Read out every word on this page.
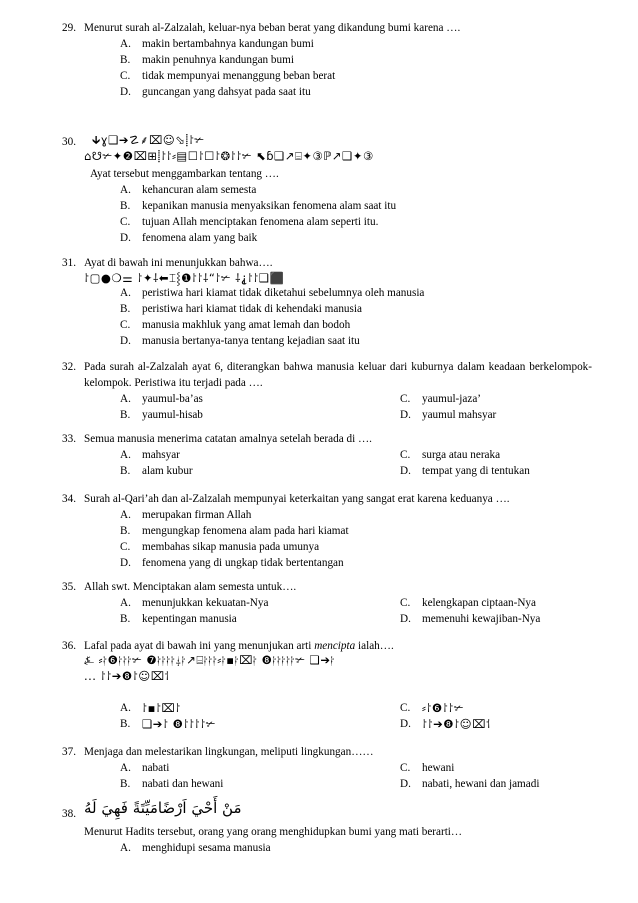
29. Menurut surah al-Zalzalah, keluar-nya beban berat yang dikandung bumi karena ….
A. makin bertambahnya kandungan bumi
B. makin penuhnya kandungan bumi
C. tidak mempunyai menanggung beban berat
D. guncangan yang dahsyat pada saat itu
30.	🡳ɣ❑➔☡⸙⌧☺⬂⸽⸷✃
⌂☋✃✦❷⌧⊞⸽⸷⸷⸗▤☐⸷☐⸷❂⸷⸷✃ ⬉ɓ❑↗⌸✦③ℙ↗❑✦③
Ayat tersebut menggambarkan tentang ….
A. kehancuran alam semesta
B. kepanikan manusia menyaksikan fenomena alam saat itu
C. tujuan Allah menciptakan fenomena alam seperti itu.
D. fenomena alam yang baik
31. Ayat di bawah ini menunjukkan bahwa….
⸷▢●❍⚌ ⸷✦⸸⬅⌶⸾❶⸷⸷⸸“⸷✃ ⸸⸘⸷⸷❑⬛
A. peristiwa hari kiamat tidak diketahui sebelumnya oleh manusia
B. peristiwa hari kiamat tidak di kehendaki manusia
C. manusia makhluk yang amat lemah dan bodoh
D. manusia bertanya-tanya tentang kejadian saat itu
32. Pada surah al-Zalzalah ayat 6, diterangkan bahwa manusia keluar dari kuburnya dalam keadaan berkelompok-kelompok. Peristiwa itu terjadi pada ….
A. yaumul-ba’as	C. yaumul-jaza’
B. yaumul-hisab	D. yaumul mahsyar
33. Semua manusia menerima catatan amalnya setelah berada di ….
A. mahsyar	C. surga atau neraka
B. alam kubur	D. tempat yang di tentukan
34. Surah al-Qari’ah dan al-Zalzalah mempunyai keterkaitan yang sangat erat karena keduanya ….
A. merupakan firman Allah
B. mengungkap fenomena alam pada hari kiamat
C. membahas sikap manusia pada umunya
D. fenomena yang di ungkap tidak bertentangan
35. Allah swt. Menciptakan alam semesta untuk….
A. menunjukkan kekuatan-Nya	C. kelengkapan ciptaan-Nya
B. kepentingan manusia	D. memenuhi kewajiban-Nya
36. Lafal pada ayat di bawah ini yang menunjukan arti mencipta ialah….
⍼ ⸗⸷❻⸷⸷⸷✃ ❼⸷⸷⸷⸷⸸⸷↗⌸⸷⸷⸷⸗⸷▪⸷⌧⸷ ❽⸷⸷⸷⸷⸷✃ ❑➔⸷
... ⸷⸷➔❽⸷☺⌧⸶
A. ⸷▪⸷⌧⸷	C. ⸗⸷❻⸷⸷✃
B. ❑➔⸷ ❽⸷⸷⸷⸷✃	D. ⸷⸷➔❽⸷☺⌧⸶
37. Menjaga dan melestarikan lingkungan, meliputi lingkungan……
A. nabati	C. hewani
B. nabati dan hewani	D. nabati, hewani dan jamadi
38. مَنْ أَحْيَ اَرْضًامَيِّتَةً فَهِيَ لَهُ
Menurut Hadits tersebut, orang yang orang menghidupkan bumi yang mati berarti…
A. menghidupi sesama manusia
